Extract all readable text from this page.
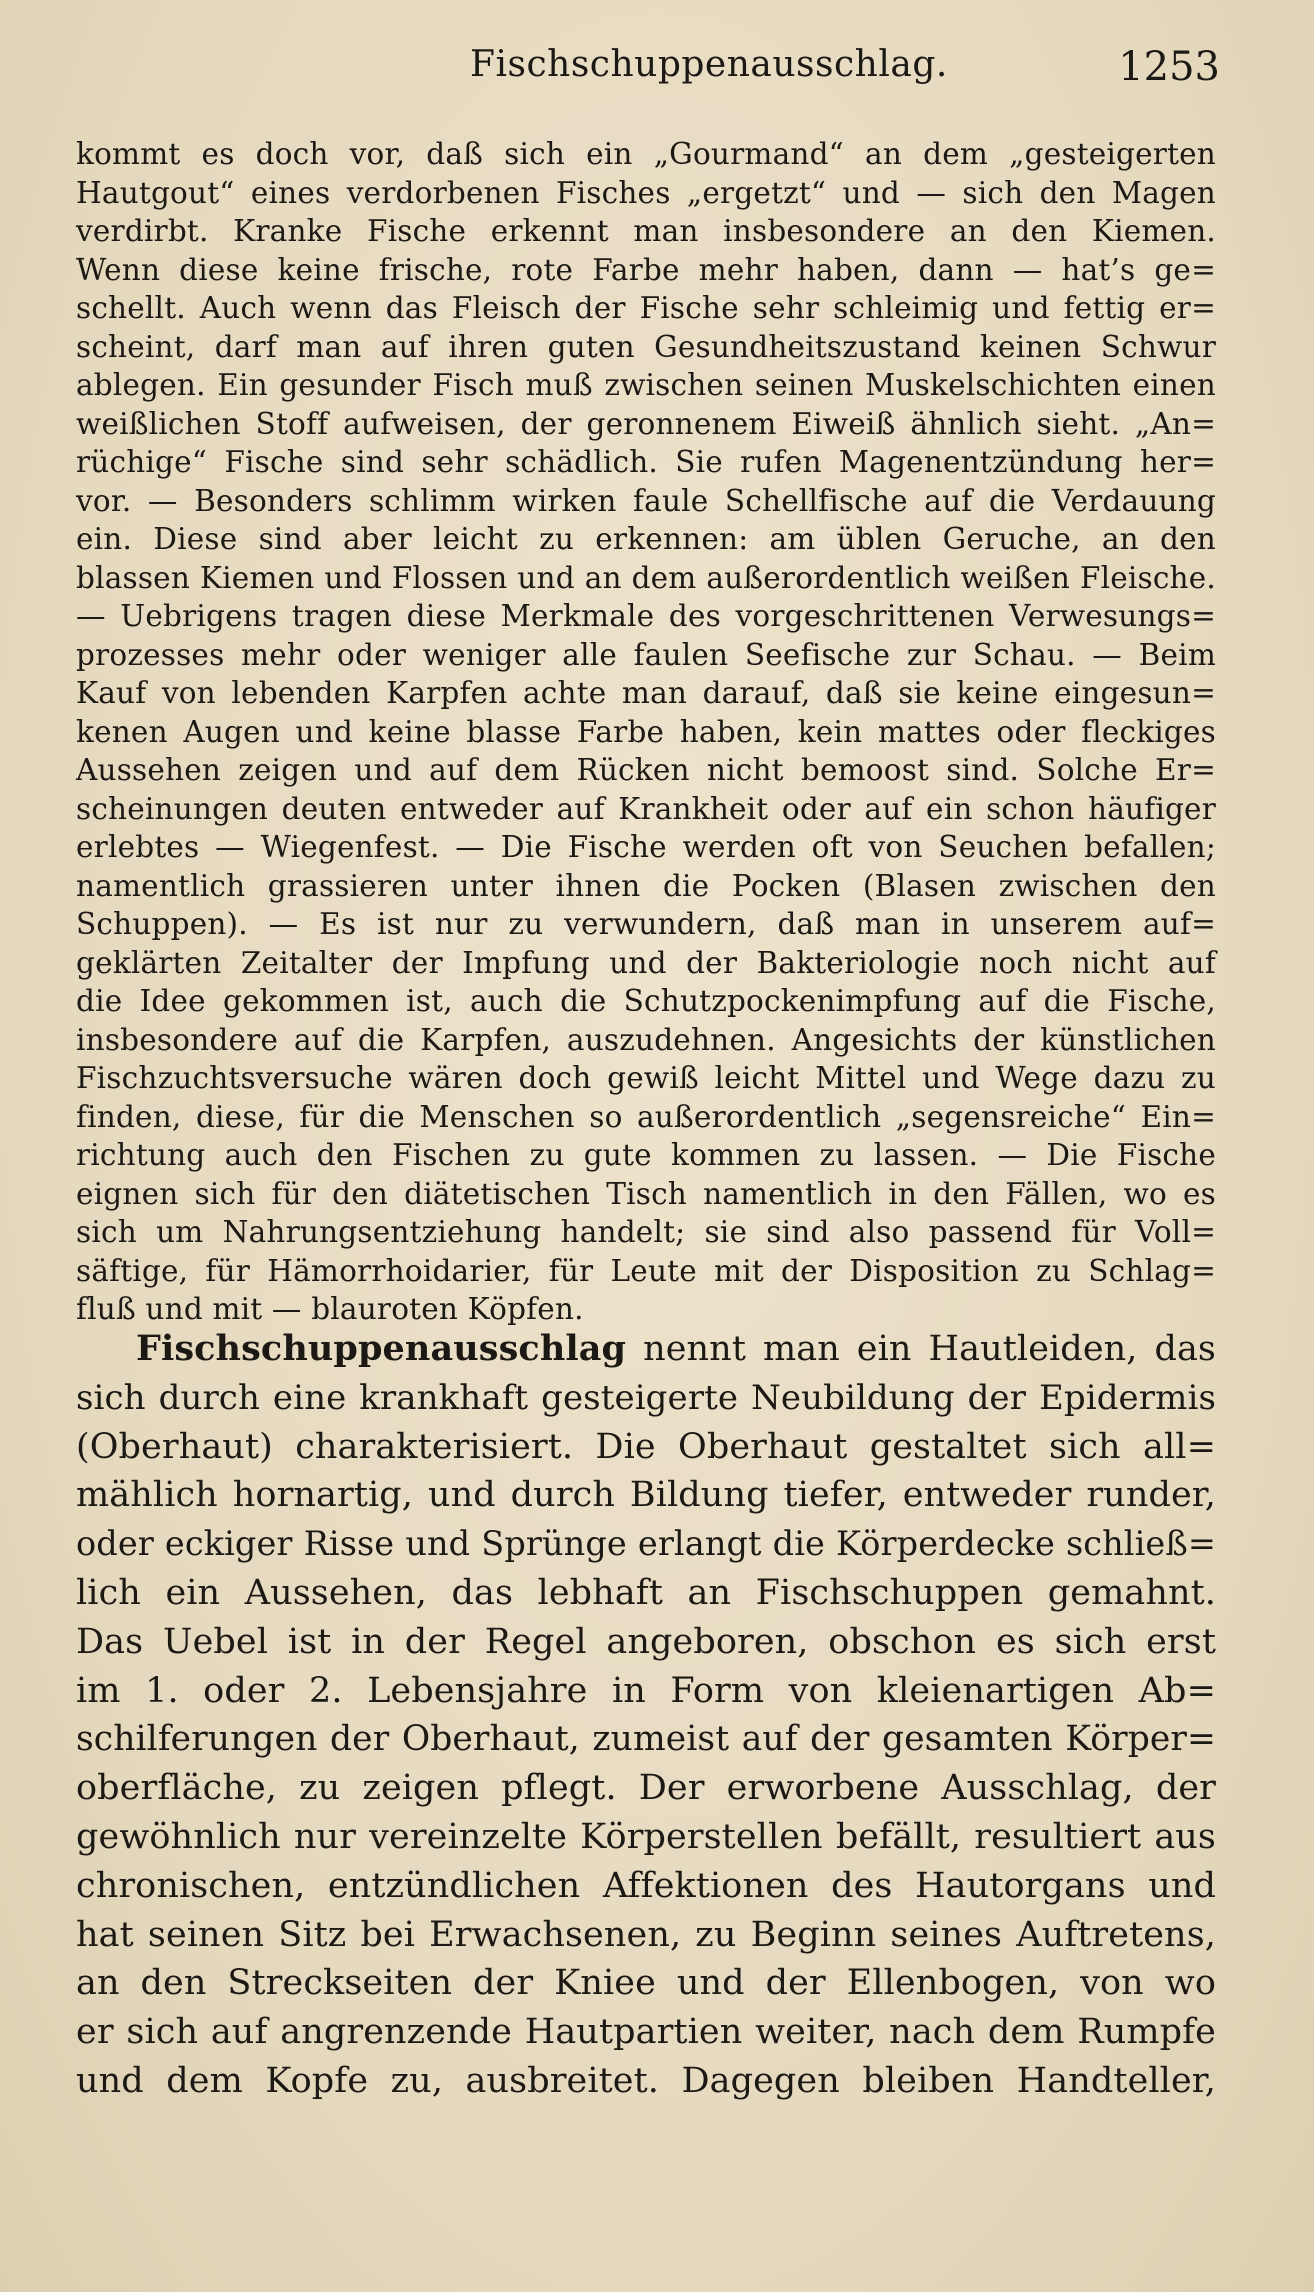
Fischschuppenausschlag.	1253
kommt es doch vor, daß sich ein „Gourmand“ an dem „gesteigerten
Hautgout“ eines verdorbenen Fisches „ergetzt“ und — sich den Magen
verdirbt. Kranke Fische erkennt man insbesondere an den Kiemen.
Wenn diese keine frische, rote Farbe mehr haben, dann — hat’s ge=
schellt. Auch wenn das Fleisch der Fische sehr schleimig und fettig er=
scheint, darf man auf ihren guten Gesundheitszustand keinen Schwur
ablegen. Ein gesunder Fisch muß zwischen seinen Muskelschichten einen
weißlichen Stoff aufweisen, der geronnenem Eiweiß ähnlich sieht. „An=
rüchige“ Fische sind sehr schädlich. Sie rufen Magenentzündung her=
vor. — Besonders schlimm wirken faule Schellfische auf die Verdauung
ein. Diese sind aber leicht zu erkennen: am üblen Geruche, an den
blassen Kiemen und Flossen und an dem außerordentlich weißen Fleische.
— Uebrigens tragen diese Merkmale des vorgeschrittenen Verwesungs=
prozesses mehr oder weniger alle faulen Seefische zur Schau. — Beim
Kauf von lebenden Karpfen achte man darauf, daß sie keine eingesun=
kenen Augen und keine blasse Farbe haben, kein mattes oder fleckiges
Aussehen zeigen und auf dem Rücken nicht bemoost sind. Solche Er=
scheinungen deuten entweder auf Krankheit oder auf ein schon häufiger
erlebtes — Wiegenfest. — Die Fische werden oft von Seuchen befallen;
namentlich grassieren unter ihnen die Pocken (Blasen zwischen den
Schuppen). — Es ist nur zu verwundern, daß man in unserem auf=
geklärten Zeitalter der Impfung und der Bakteriologie noch nicht auf
die Idee gekommen ist, auch die Schutzpockenimpfung auf die Fische,
insbesondere auf die Karpfen, auszudehnen. Angesichts der künstlichen
Fischzuchtsversuche wären doch gewiß leicht Mittel und Wege dazu zu
finden, diese, für die Menschen so außerordentlich „segensreiche“ Ein=
richtung auch den Fischen zu gute kommen zu lassen. — Die Fische
eignen sich für den diätetischen Tisch namentlich in den Fällen, wo es
sich um Nahrungsentziehung handelt; sie sind also passend für Voll=
säftige, für Hämorrhoidarier, für Leute mit der Disposition zu Schlag=
fluß und mit — blauroten Köpfen.
Fischschuppenausschlag nennt man ein Hautleiden, das
sich durch eine krankhaft gesteigerte Neubildung der Epidermis
(Oberhaut) charakterisiert. Die Oberhaut gestaltet sich all=
mählich hornartig, und durch Bildung tiefer, entweder runder,
oder eckiger Risse und Sprünge erlangt die Körperdecke schließ=
lich ein Aussehen, das lebhaft an Fischschuppen gemahnt.
Das Uebel ist in der Regel angeboren, obschon es sich erst
im 1. oder 2. Lebensjahre in Form von kleienartigen Ab=
schilferungen der Oberhaut, zumeist auf der gesamten Körper=
oberfläche, zu zeigen pflegt. Der erworbene Ausschlag, der
gewöhnlich nur vereinzelte Körperstellen befällt, resultiert aus
chronischen, entzündlichen Affektionen des Hautorgans und
hat seinen Sitz bei Erwachsenen, zu Beginn seines Auftretens,
an den Streckseiten der Kniee und der Ellenbogen, von wo
er sich auf angrenzende Hautpartien weiter, nach dem Rumpfe
und dem Kopfe zu, ausbreitet. Dagegen bleiben Handteller,
